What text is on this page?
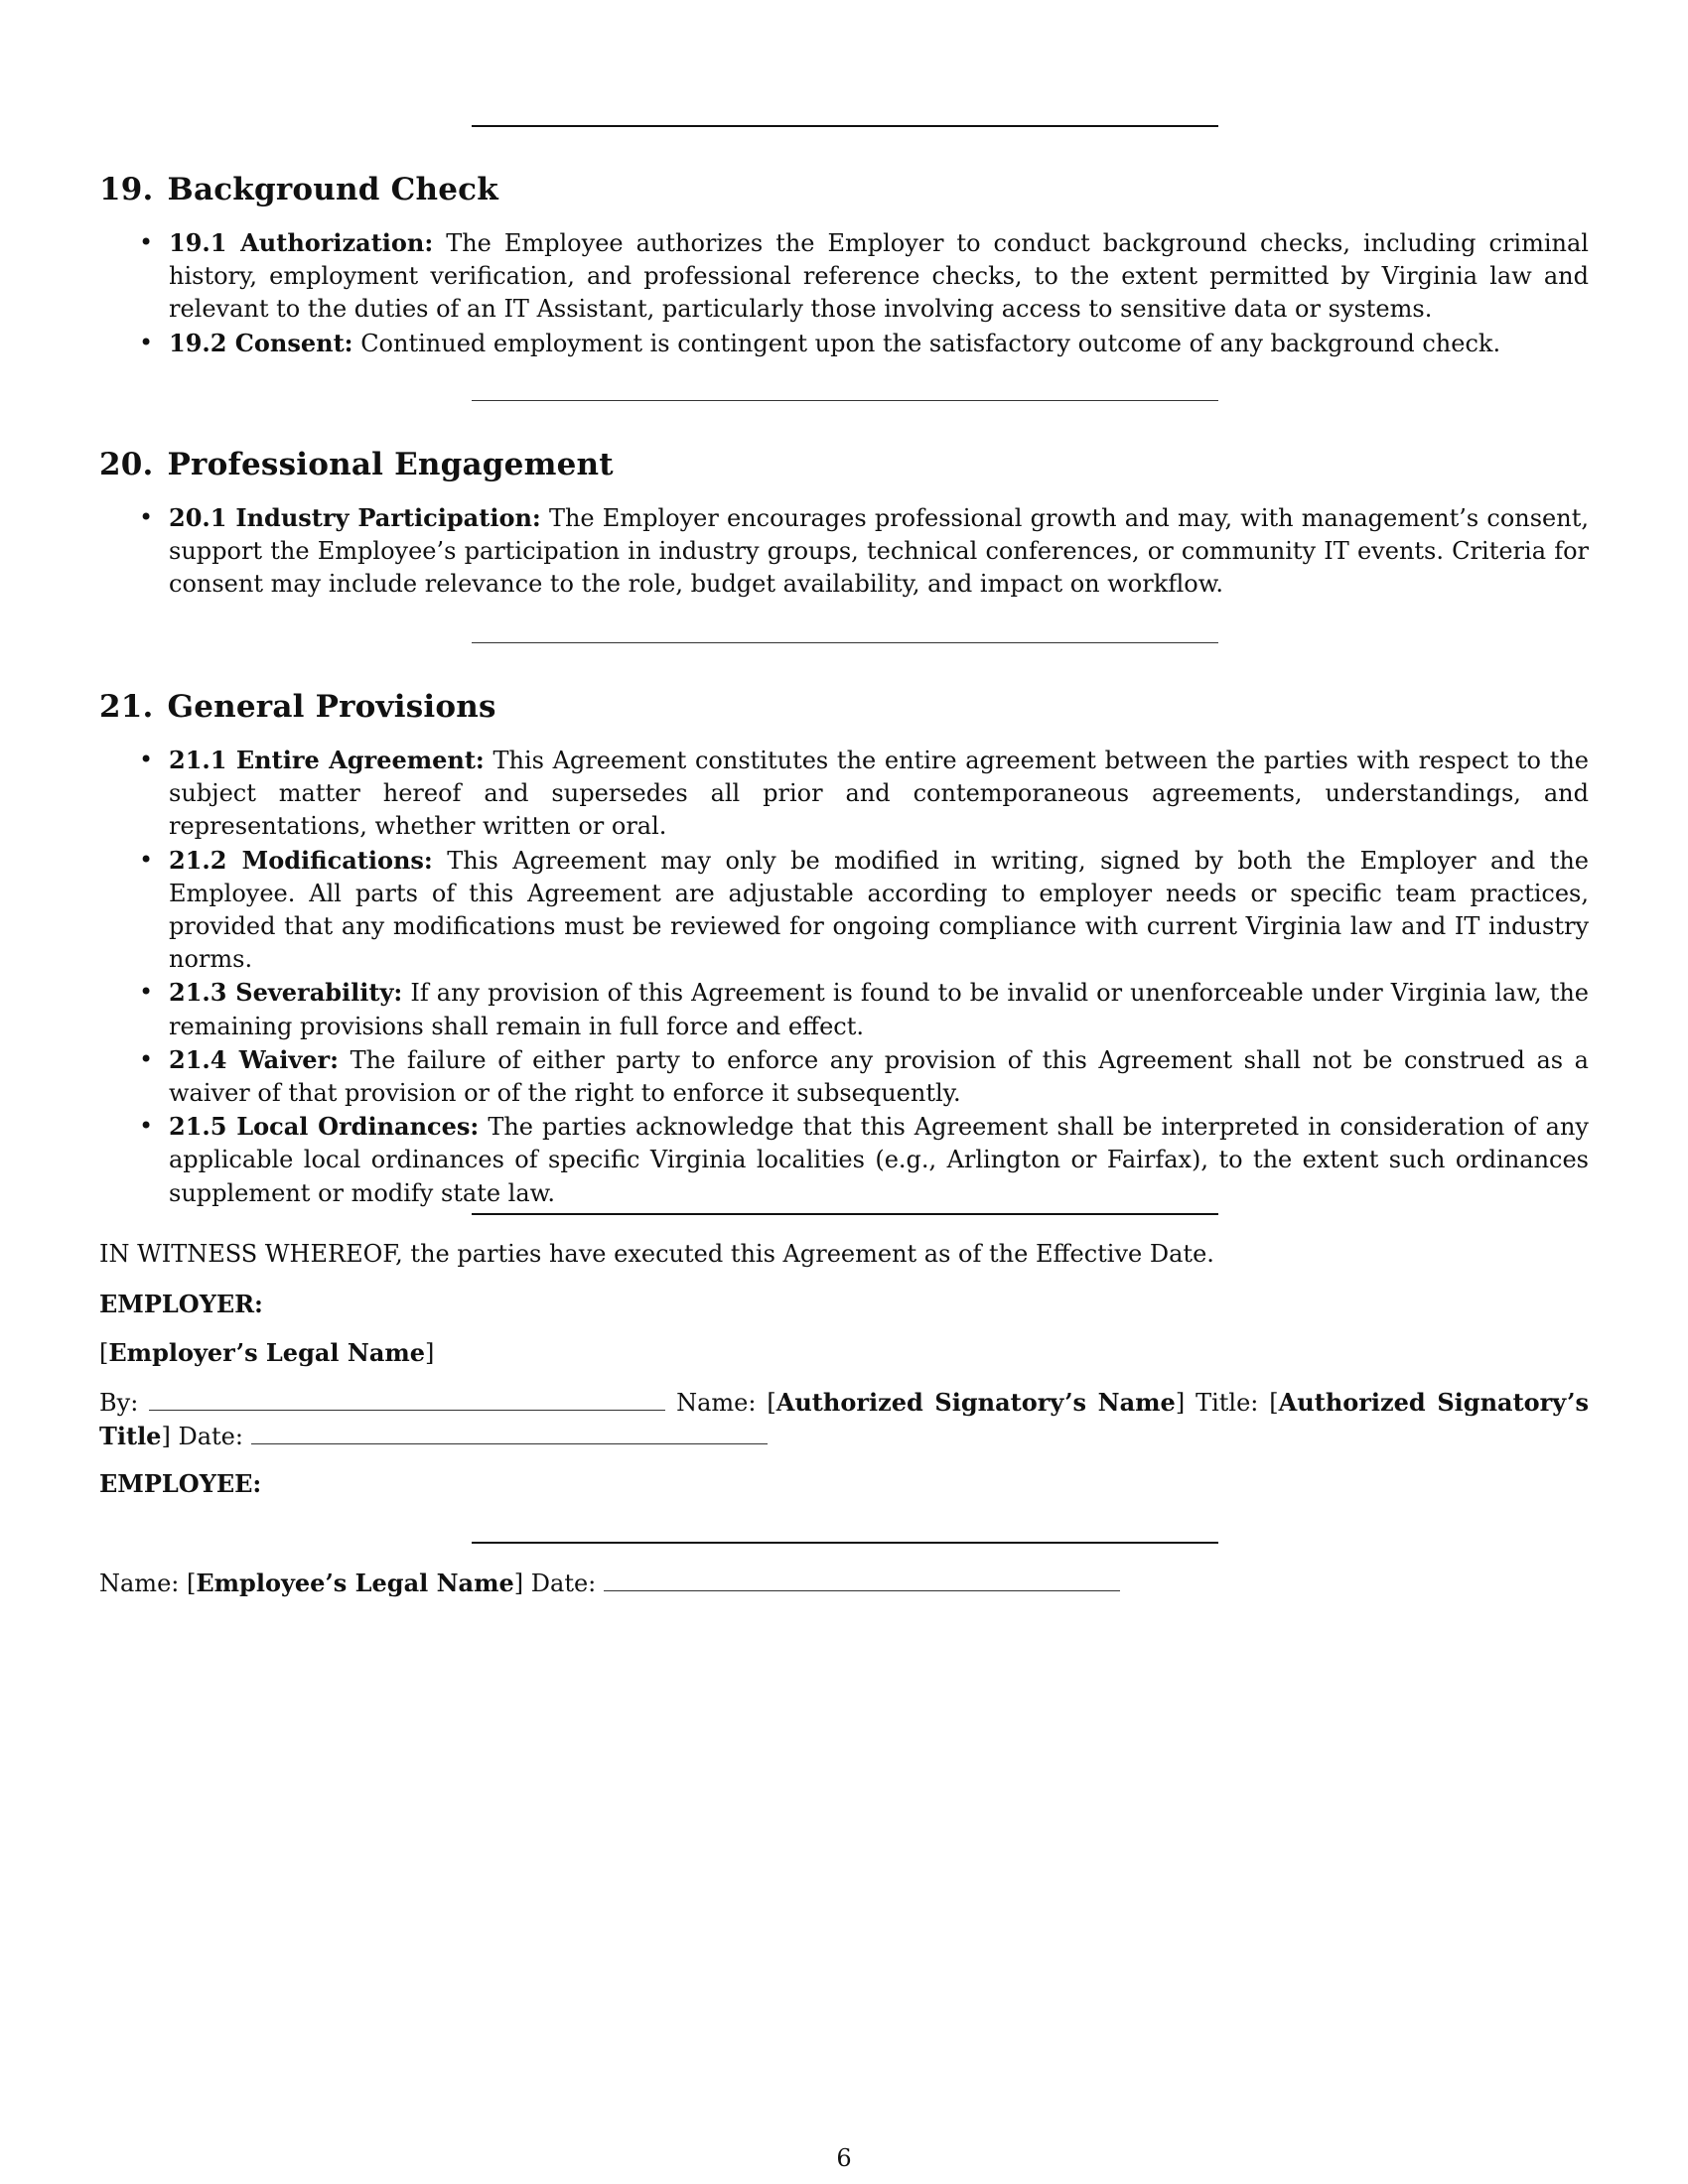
19. Background Check
• 19.1 Authorization: The Employee authorizes the Employer to conduct background checks, including criminal history, employment verification, and professional reference checks, to the extent permitted by Virginia law and relevant to the duties of an IT Assistant, particularly those involving access to sensitive data or systems.
• 19.2 Consent: Continued employment is contingent upon the satisfactory outcome of any background check.
20. Professional Engagement
• 20.1 Industry Participation: The Employer encourages professional growth and may, with management’s consent, support the Employee’s participation in industry groups, technical conferences, or community IT events. Criteria for consent may include relevance to the role, budget availability, and impact on workflow.
21. General Provisions
• 21.1 Entire Agreement: This Agreement constitutes the entire agreement between the parties with respect to the subject matter hereof and supersedes all prior and contemporaneous agreements, understandings, and representations, whether written or oral.
• 21.2 Modifications: This Agreement may only be modified in writing, signed by both the Employer and the Employee. All parts of this Agreement are adjustable according to employer needs or specific team practices, provided that any modifications must be reviewed for ongoing compliance with current Virginia law and IT industry norms.
• 21.3 Severability: If any provision of this Agreement is found to be invalid or unenforceable under Virginia law, the remaining provisions shall remain in full force and effect.
• 21.4 Waiver: The failure of either party to enforce any provision of this Agreement shall not be construed as a waiver of that provision or of the right to enforce it subsequently.
• 21.5 Local Ordinances: The parties acknowledge that this Agreement shall be interpreted in consideration of any applicable local ordinances of specific Virginia localities (e.g., Arlington or Fairfax), to the extent such ordinances supplement or modify state law.
IN WITNESS WHEREOF, the parties have executed this Agreement as of the Effective Date.
EMPLOYER:
[Employer’s Legal Name]
By:	Name: [Authorized Signatory’s Name] Title: [Authorized Signatory’s Title] Date:
EMPLOYEE:
Name: [Employee’s Legal Name] Date:
6
